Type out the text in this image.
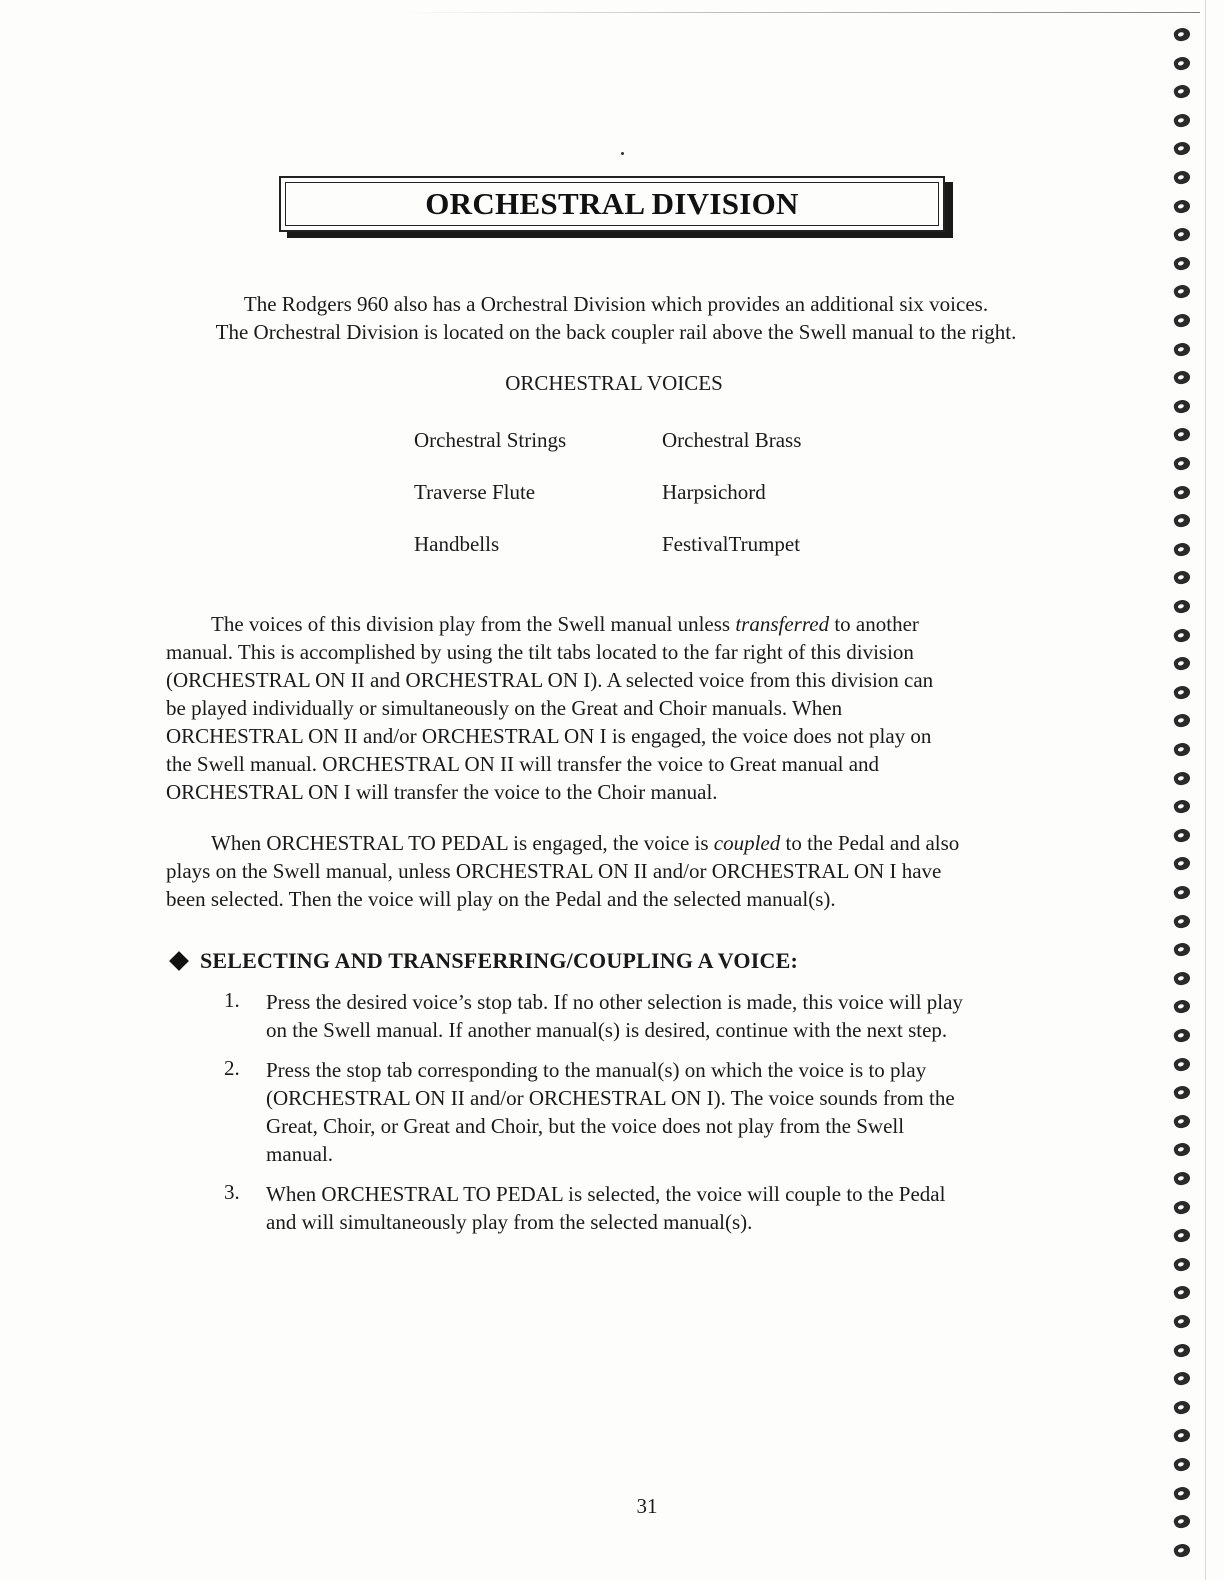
ORCHESTRAL DIVISION
The Rodgers 960 also has a Orchestral Division which provides an additional six voices.
The Orchestral Division is located on the back coupler rail above the Swell manual to the right.
ORCHESTRAL VOICES
Orchestral Strings	Orchestral Brass
Traverse Flute	Harpsichord
Handbells	FestivalTrumpet
The voices of this division play from the Swell manual unless transferred to another
manual. This is accomplished by using the tilt tabs located to the far right of this division
(ORCHESTRAL ON II and ORCHESTRAL ON I). A selected voice from this division can
be played individually or simultaneously on the Great and Choir manuals. When
ORCHESTRAL ON II and/or ORCHESTRAL ON I is engaged, the voice does not play on
the Swell manual. ORCHESTRAL ON II will transfer the voice to Great manual and
ORCHESTRAL ON I will transfer the voice to the Choir manual.
When ORCHESTRAL TO PEDAL is engaged, the voice is coupled to the Pedal and also
plays on the Swell manual, unless ORCHESTRAL ON II and/or ORCHESTRAL ON I have
been selected. Then the voice will play on the Pedal and the selected manual(s).
SELECTING AND TRANSFERRING/COUPLING A VOICE:
1. Press the desired voice’s stop tab. If no other selection is made, this voice will play
on the Swell manual. If another manual(s) is desired, continue with the next step.
2. Press the stop tab corresponding to the manual(s) on which the voice is to play
(ORCHESTRAL ON II and/or ORCHESTRAL ON I). The voice sounds from the
Great, Choir, or Great and Choir, but the voice does not play from the Swell
manual.
3. When ORCHESTRAL TO PEDAL is selected, the voice will couple to the Pedal
and will simultaneously play from the selected manual(s).
31
